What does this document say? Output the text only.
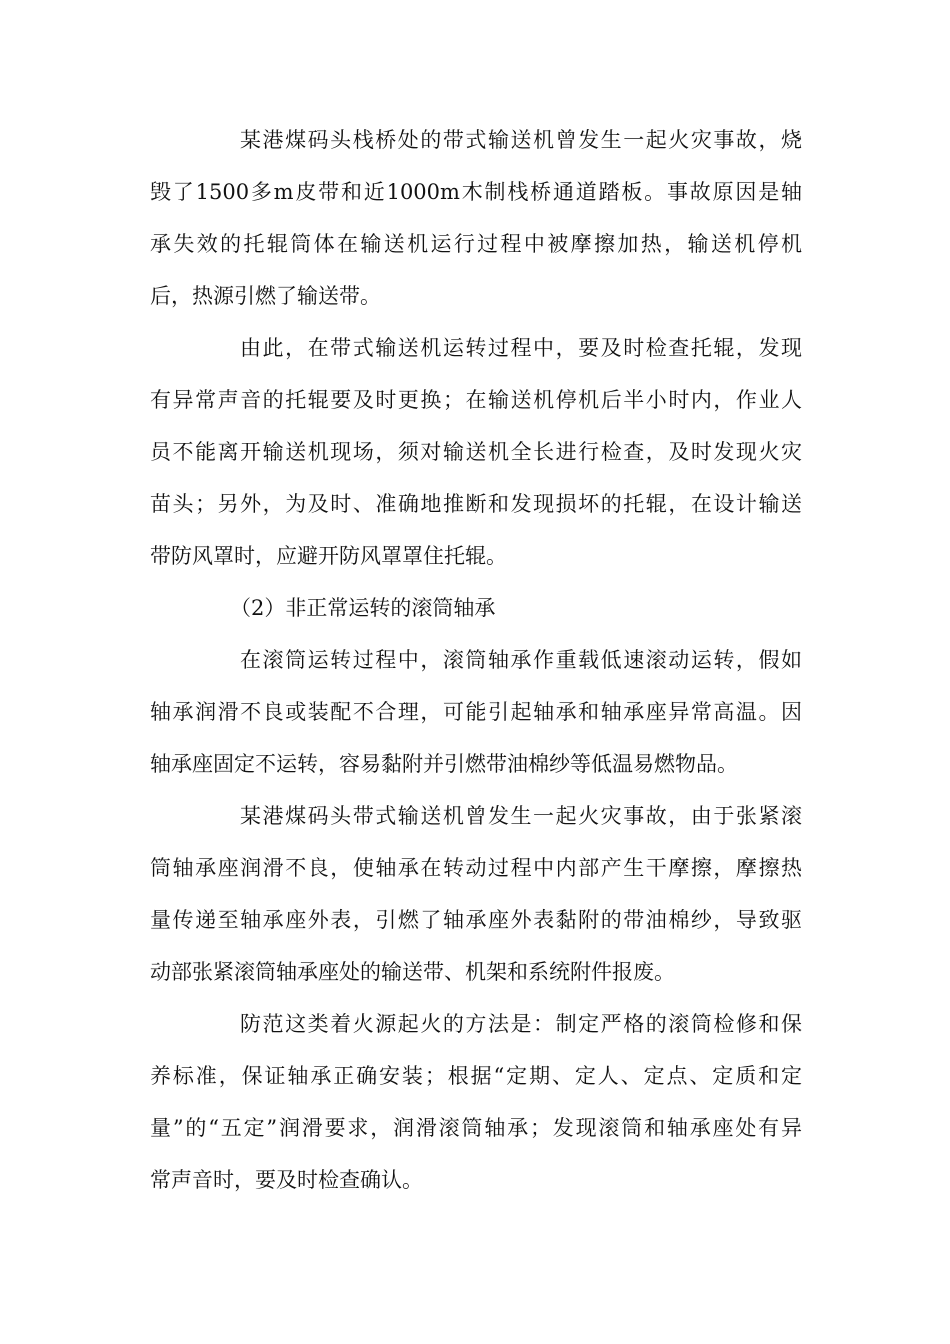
某港煤码头栈桥处的带式输送机曾发生一起火灾事故，烧
毁了1500多m皮带和近1000m木制栈桥通道踏板。事故原因是轴
承失效的托辊筒体在输送机运行过程中被摩擦加热，输送机停机
后，热源引燃了输送带。
由此，在带式输送机运转过程中，要及时检查托辊，发现
有异常声音的托辊要及时更换；在输送机停机后半小时内，作业人
员不能离开输送机现场，须对输送机全长进行检查，及时发现火灾
苗头；另外，为及时、准确地推断和发现损坏的托辊，在设计输送
带防风罩时，应避开防风罩罩住托辊。
（2）非正常运转的滚筒轴承
在滚筒运转过程中，滚筒轴承作重载低速滚动运转，假如
轴承润滑不良或装配不合理，可能引起轴承和轴承座异常高温。因
轴承座固定不运转，容易黏附并引燃带油棉纱等低温易燃物品。
某港煤码头带式输送机曾发生一起火灾事故，由于张紧滚
筒轴承座润滑不良，使轴承在转动过程中内部产生干摩擦，摩擦热
量传递至轴承座外表，引燃了轴承座外表黏附的带油棉纱，导致驱
动部张紧滚筒轴承座处的输送带、机架和系统附件报废。
防范这类着火源起火的方法是：制定严格的滚筒检修和保
养标准，保证轴承正确安装；根据“定期、定人、定点、定质和定
量”的“五定”润滑要求，润滑滚筒轴承；发现滚筒和轴承座处有异
常声音时，要及时检查确认。
